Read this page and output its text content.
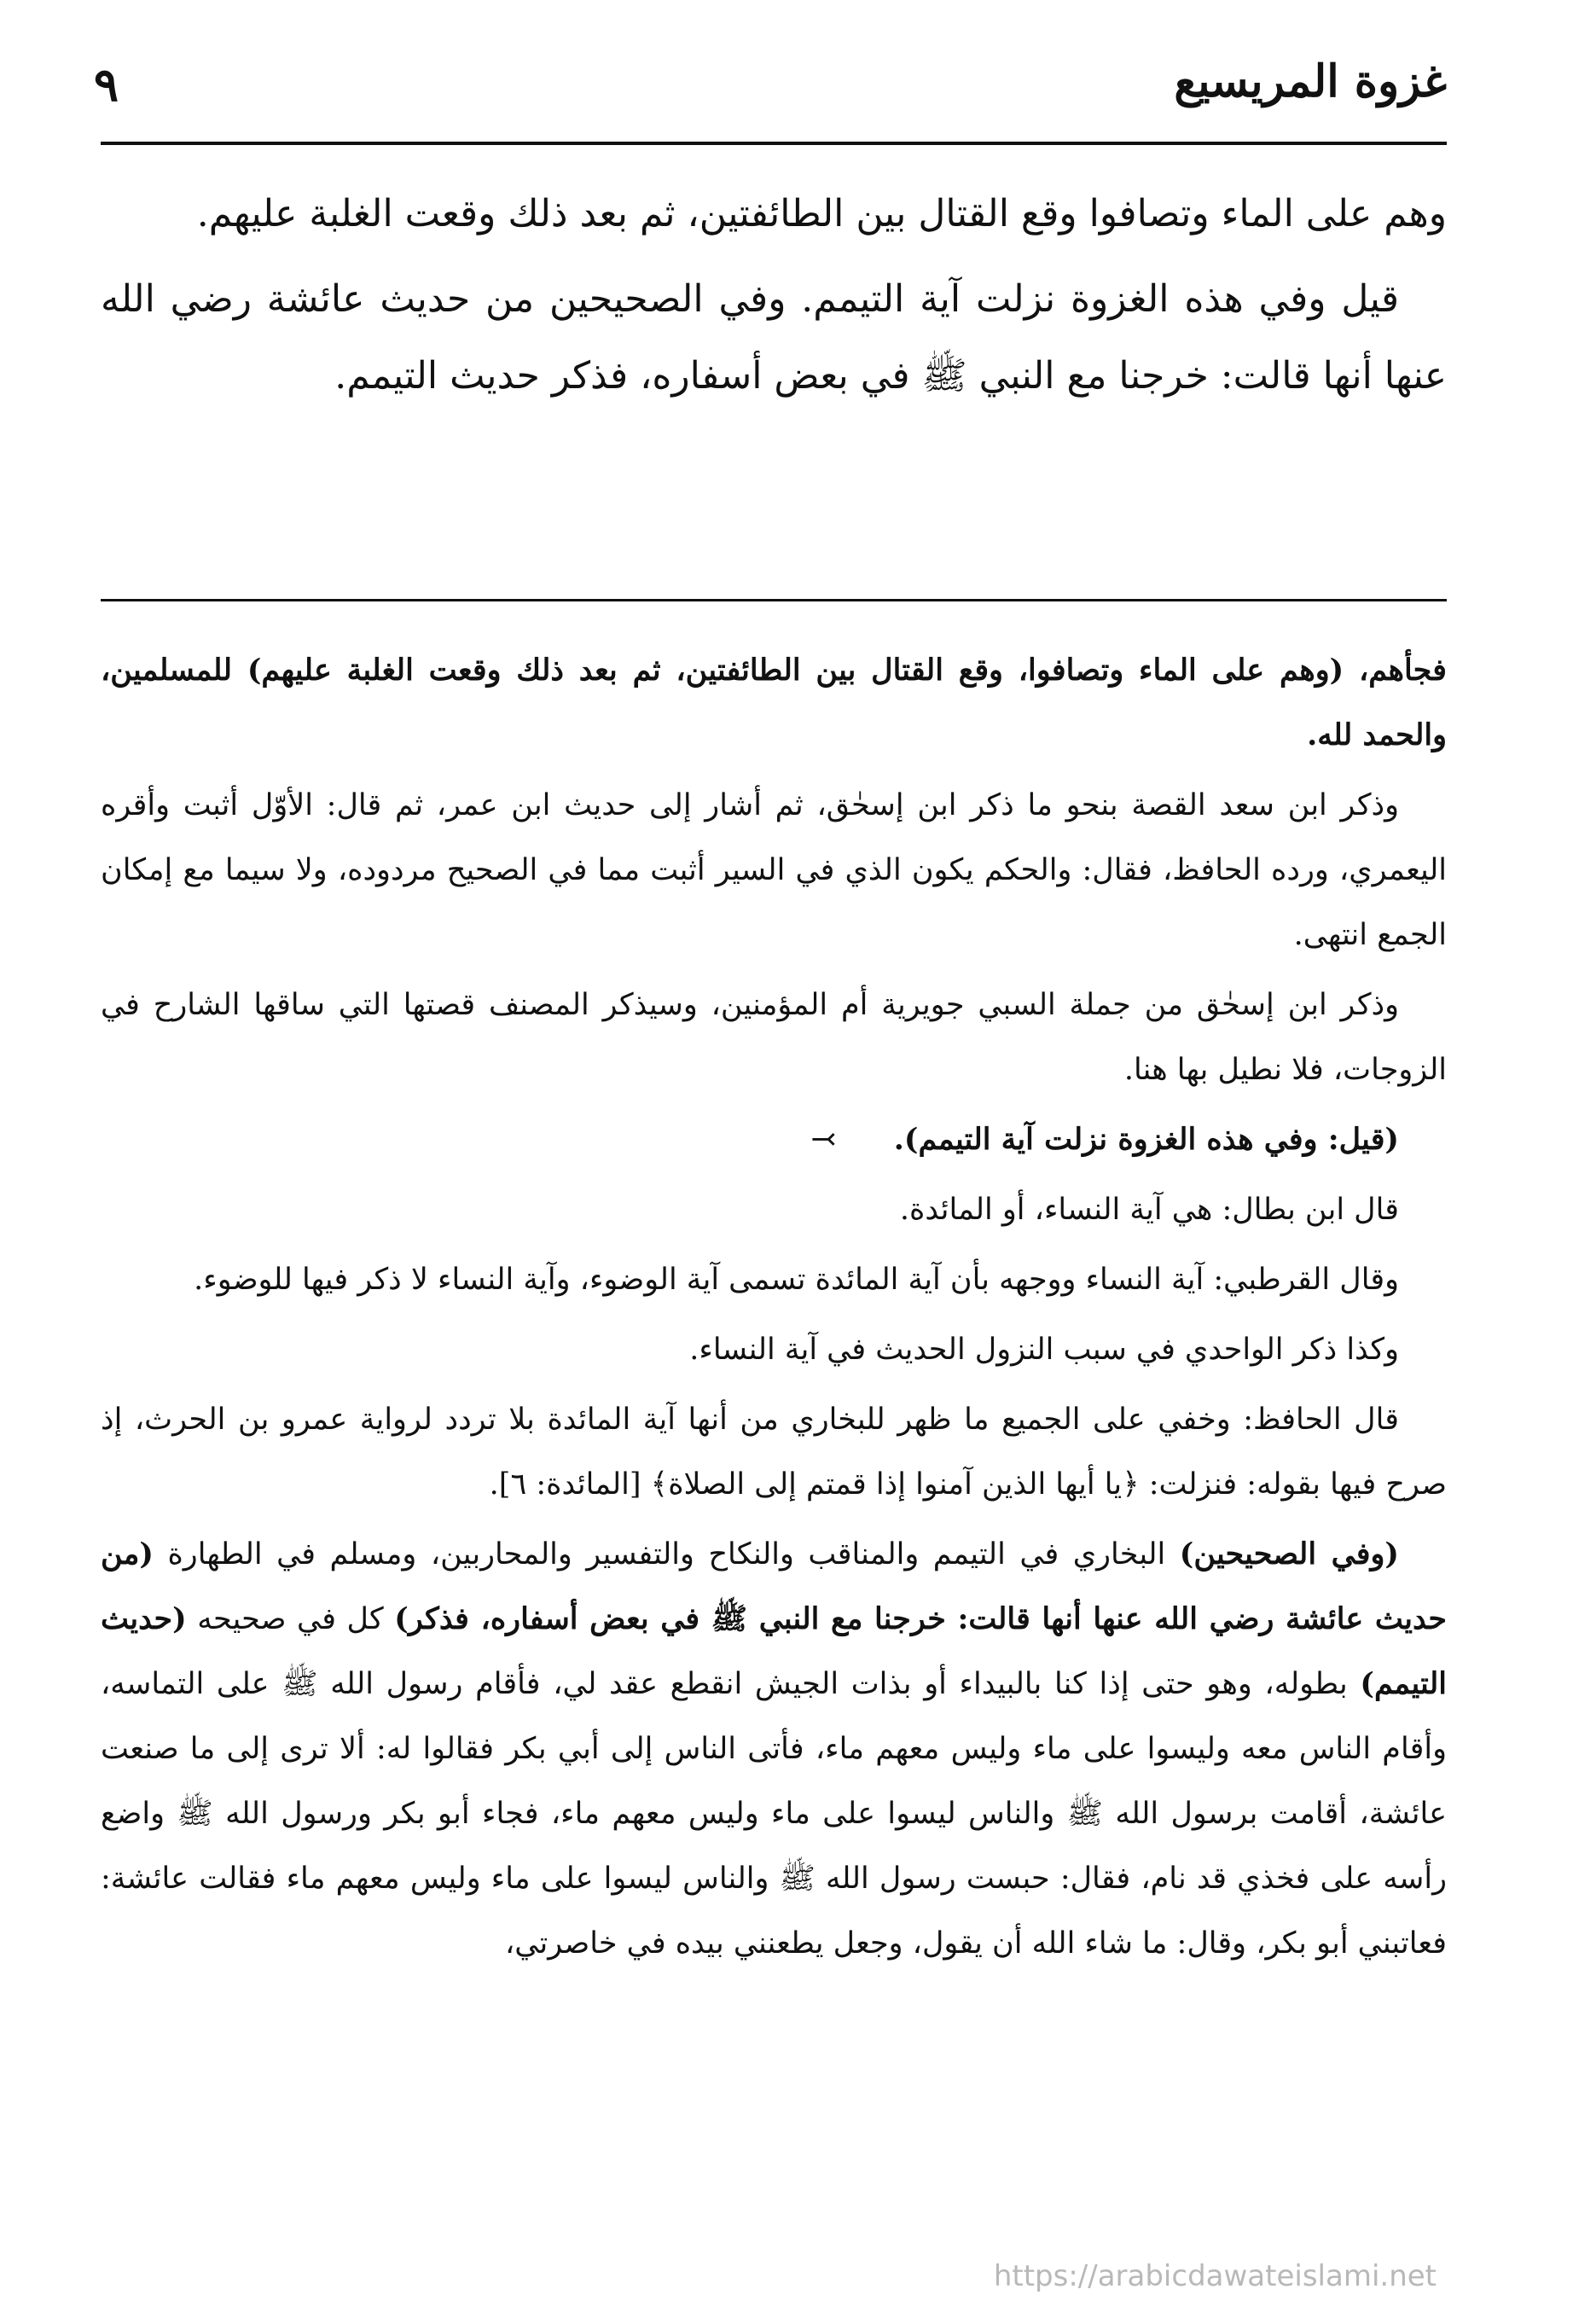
غزوة المريسيع
٩

وهم على الماء وتصافوا وقع القتال بين الطائفتين، ثم بعد ذلك وقعت الغلبة عليهم.

قيل وفي هذه الغزوة نزلت آية التيمم. وفي الصحيحين من حديث عائشة رضي الله عنها أنها قالت: خرجنا مع النبي ﷺ في بعض أسفاره، فذكر حديث التيمم.

فجأهم، (وهم على الماء وتصافوا، وقع القتال بين الطائفتين، ثم بعد ذلك وقعت الغلبة عليهم) للمسلمين، والحمد لله.

وذكر ابن سعد القصة بنحو ما ذكر ابن إسحٰق، ثم أشار إلى حديث ابن عمر، ثم قال: الأوّل أثبت وأقره اليعمري، ورده الحافظ، فقال: والحكم يكون الذي في السير أثبت مما في الصحيح مردوده، ولا سيما مع إمكان الجمع انتهى.

وذكر ابن إسحٰق من جملة السبي جويرية أم المؤمنين، وسيذكر المصنف قصتها التي ساقها الشارح في الزوجات، فلا نطيل بها هنا.

(قيل: وفي هذه الغزوة نزلت آية التيمم). ⤙

قال ابن بطال: هي آية النساء، أو المائدة.

وقال القرطبي: آية النساء ووجهه بأن آية المائدة تسمى آية الوضوء، وآية النساء لا ذكر فيها للوضوء.

وكذا ذكر الواحدي في سبب النزول الحديث في آية النساء.

قال الحافظ: وخفي على الجميع ما ظهر للبخاري من أنها آية المائدة بلا تردد لرواية عمرو بن الحرث، إذ صرح فيها بقوله: فنزلت: ﴿يا أيها الذين آمنوا إذا قمتم إلى الصلاة﴾ [المائدة: ٦].

(وفي الصحيحين) البخاري في التيمم والمناقب والنكاح والتفسير والمحاربين، ومسلم في الطهارة (من حديث عائشة رضي الله عنها أنها قالت: خرجنا مع النبي ﷺ في بعض أسفاره، فذكر) كل في صحيحه (حديث التيمم) بطوله، وهو حتى إذا كنا بالبيداء أو بذات الجيش انقطع عقد لي، فأقام رسول الله ﷺ على التماسه، وأقام الناس معه وليسوا على ماء وليس معهم ماء، فأتى الناس إلى أبي بكر فقالوا له: ألا ترى إلى ما صنعت عائشة، أقامت برسول الله ﷺ والناس ليسوا على ماء وليس معهم ماء، فجاء أبو بكر ورسول الله ﷺ واضع رأسه على فخذي قد نام، فقال: حبست رسول الله ﷺ والناس ليسوا على ماء وليس معهم ماء فقالت عائشة: فعاتبني أبو بكر، وقال: ما شاء الله أن يقول، وجعل يطعنني بيده في خاصرتي،

https://arabicdawateislami.net
